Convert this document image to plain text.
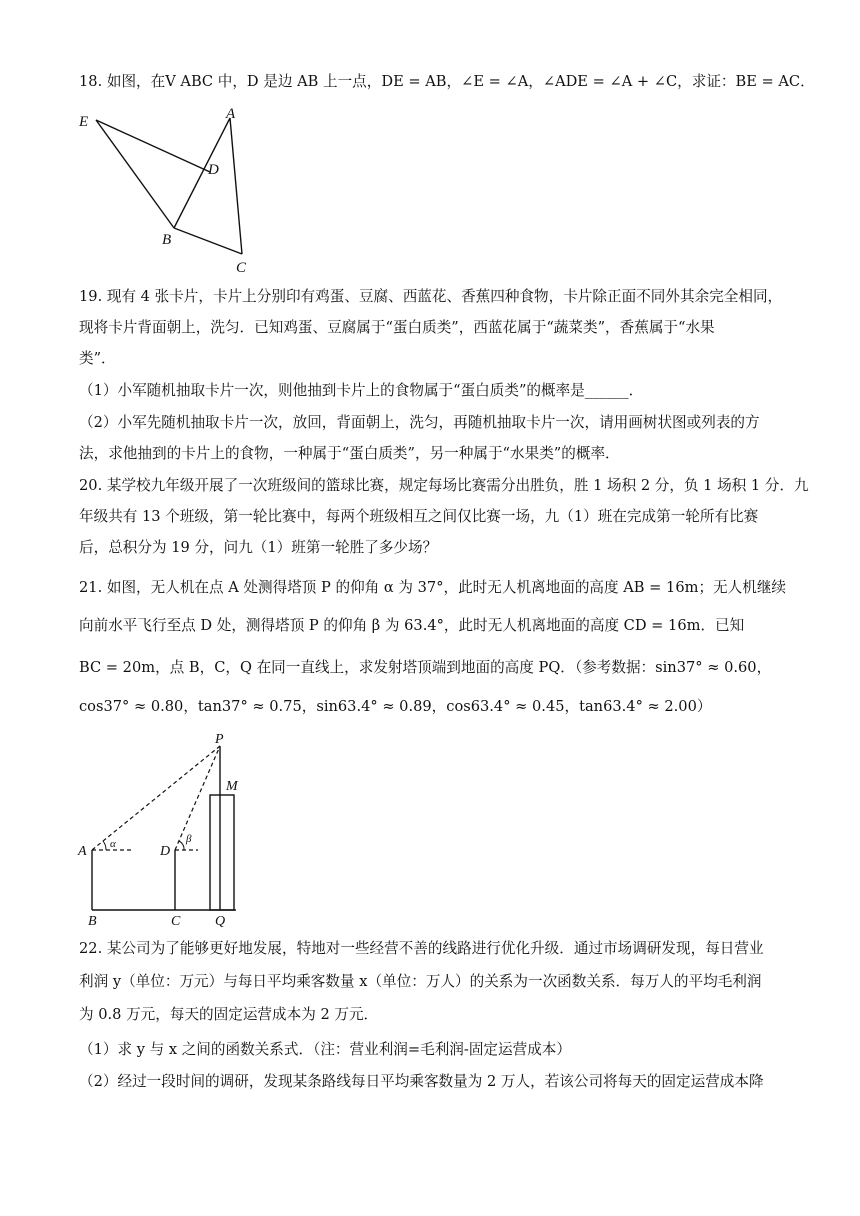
18. 如图，在V ABC 中，D 是边 AB 上一点，DE = AB，∠E = ∠A，∠ADE = ∠A + ∠C，求证：BE = AC．
E	A
D
B
C
19. 现有 4 张卡片，卡片上分别印有鸡蛋、豆腐、西蓝花、香蕉四种食物，卡片除正面不同外其余完全相同，
现将卡片背面朝上，洗匀．已知鸡蛋、豆腐属于“蛋白质类”，西蓝花属于“蔬菜类”，香蕉属于“水果
类”．
（1）小军随机抽取卡片一次，则他抽到卡片上的食物属于“蛋白质类”的概率是______．
（2）小军先随机抽取卡片一次，放回，背面朝上，洗匀，再随机抽取卡片一次，请用画树状图或列表的方
法，求他抽到的卡片上的食物，一种属于“蛋白质类”，另一种属于“水果类”的概率．
20. 某学校九年级开展了一次班级间的篮球比赛，规定每场比赛需分出胜负，胜 1 场积 2 分，负 1 场积 1 分．九
年级共有 13 个班级，第一轮比赛中，每两个班级相互之间仅比赛一场，九（1）班在完成第一轮所有比赛
后，总积分为 19 分，问九（1）班第一轮胜了多少场？
21. 如图，无人机在点 A 处测得塔顶 P 的仰角 α 为 37°，此时无人机离地面的高度 AB = 16m；无人机继续
向前水平飞行至点 D 处，测得塔顶 P 的仰角 β 为 63.4°，此时无人机离地面的高度 CD = 16m．已知
BC = 20m，点 B，C，Q 在同一直线上，求发射塔顶端到地面的高度 PQ．（参考数据：sin37° ≈ 0.60，
cos37° ≈ 0.80，tan37° ≈ 0.75，sin63.4° ≈ 0.89，cos63.4° ≈ 0.45，tan63.4° ≈ 2.00）
P
M
A α	D
β
B	C Q
22. 某公司为了能够更好地发展，特地对一些经营不善的线路进行优化升级．通过市场调研发现，每日营业
利润 y（单位：万元）与每日平均乘客数量 x（单位：万人）的关系为一次函数关系．每万人的平均毛利润
为 0.8 万元，每天的固定运营成本为 2 万元．
（1）求 y 与 x 之间的函数关系式．（注：营业利润=毛利润-固定运营成本）
（2）经过一段时间的调研，发现某条路线每日平均乘客数量为 2 万人，若该公司将每天的固定运营成本降
